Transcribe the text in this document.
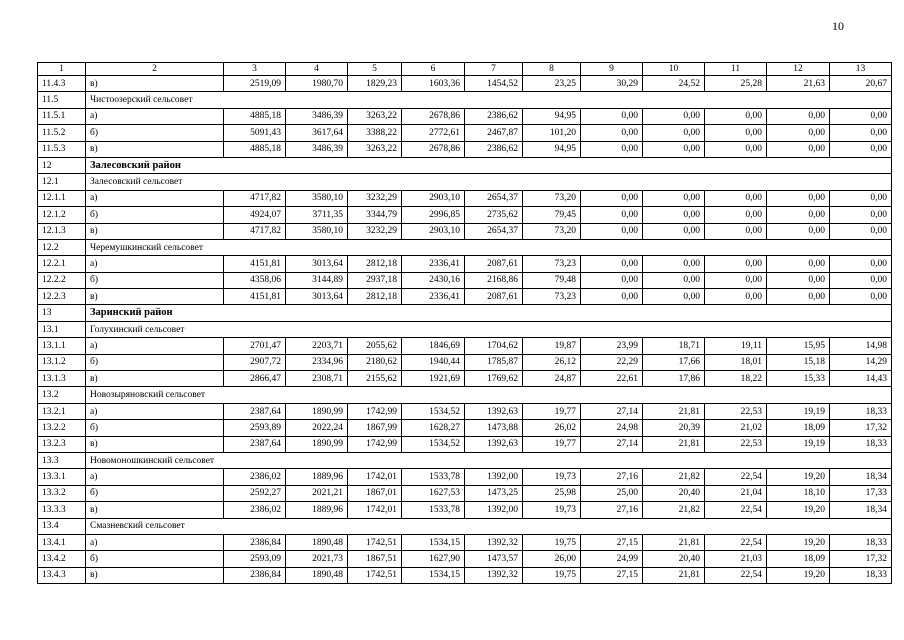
10
1	2	3	4	5	6	7	8	9	10	11	12	13
11.4.3	в)	2519,09	1980,70	1829,23	1603,36	1454,52	23,25	30,29	24,52	25,28	21,63	20,67
11.5	Чистоозерский сельсовет											
11.5.1	а)	4885,18	3486,39	3263,22	2678,86	2386,62	94,95	0,00	0,00	0,00	0,00	0,00
11.5.2	б)	5091,43	3617,64	3388,22	2772,61	2467,87	101,20	0,00	0,00	0,00	0,00	0,00
11.5.3	в)	4885,18	3486,39	3263,22	2678,86	2386,62	94,95	0,00	0,00	0,00	0,00	0,00
12	Залесовский район											
12.1	Залесовский сельсовет											
12.1.1	а)	4717,82	3580,10	3232,29	2903,10	2654,37	73,20	0,00	0,00	0,00	0,00	0,00
12.1.2	б)	4924,07	3711,35	3344,79	2996,85	2735,62	79,45	0,00	0,00	0,00	0,00	0,00
12.1.3	в)	4717,82	3580,10	3232,29	2903,10	2654,37	73,20	0,00	0,00	0,00	0,00	0,00
12.2	Черемушкинский сельсовет											
12.2.1	а)	4151,81	3013,64	2812,18	2336,41	2087,61	73,23	0,00	0,00	0,00	0,00	0,00
12.2.2	б)	4358,06	3144,89	2937,18	2430,16	2168,86	79,48	0,00	0,00	0,00	0,00	0,00
12.2.3	в)	4151,81	3013,64	2812,18	2336,41	2087,61	73,23	0,00	0,00	0,00	0,00	0,00
13	Заринский район											
13.1	Голухинский сельсовет											
13.1.1	а)	2701,47	2203,71	2055,62	1846,69	1704,62	19,87	23,99	18,71	19,11	15,95	14,98
13.1.2	б)	2907,72	2334,96	2180,62	1940,44	1785,87	26,12	22,29	17,66	18,01	15,18	14,29
13.1.3	в)	2866,47	2308,71	2155,62	1921,69	1769,62	24,87	22,61	17,86	18,22	15,33	14,43
13.2	Новозыряновский сельсовет											
13.2.1	а)	2387,64	1890,99	1742,99	1534,52	1392,63	19,77	27,14	21,81	22,53	19,19	18,33
13.2.2	б)	2593,89	2022,24	1867,99	1628,27	1473,88	26,02	24,98	20,39	21,02	18,09	17,32
13.2.3	в)	2387,64	1890,99	1742,99	1534,52	1392,63	19,77	27,14	21,81	22,53	19,19	18,33
13.3	Новомоношкинский сельсовет											
13.3.1	а)	2386,02	1889,96	1742,01	1533,78	1392,00	19,73	27,16	21,82	22,54	19,20	18,34
13.3.2	б)	2592,27	2021,21	1867,01	1627,53	1473,25	25,98	25,00	20,40	21,04	18,10	17,33
13.3.3	в)	2386,02	1889,96	1742,01	1533,78	1392,00	19,73	27,16	21,82	22,54	19,20	18,34
13.4	Смазневский сельсовет											
13.4.1	а)	2386,84	1890,48	1742,51	1534,15	1392,32	19,75	27,15	21,81	22,54	19,20	18,33
13.4.2	б)	2593,09	2021,73	1867,51	1627,90	1473,57	26,00	24,99	20,40	21,03	18,09	17,32
13.4.3	в)	2386,84	1890,48	1742,51	1534,15	1392,32	19,75	27,15	21,81	22,54	19,20	18,33
